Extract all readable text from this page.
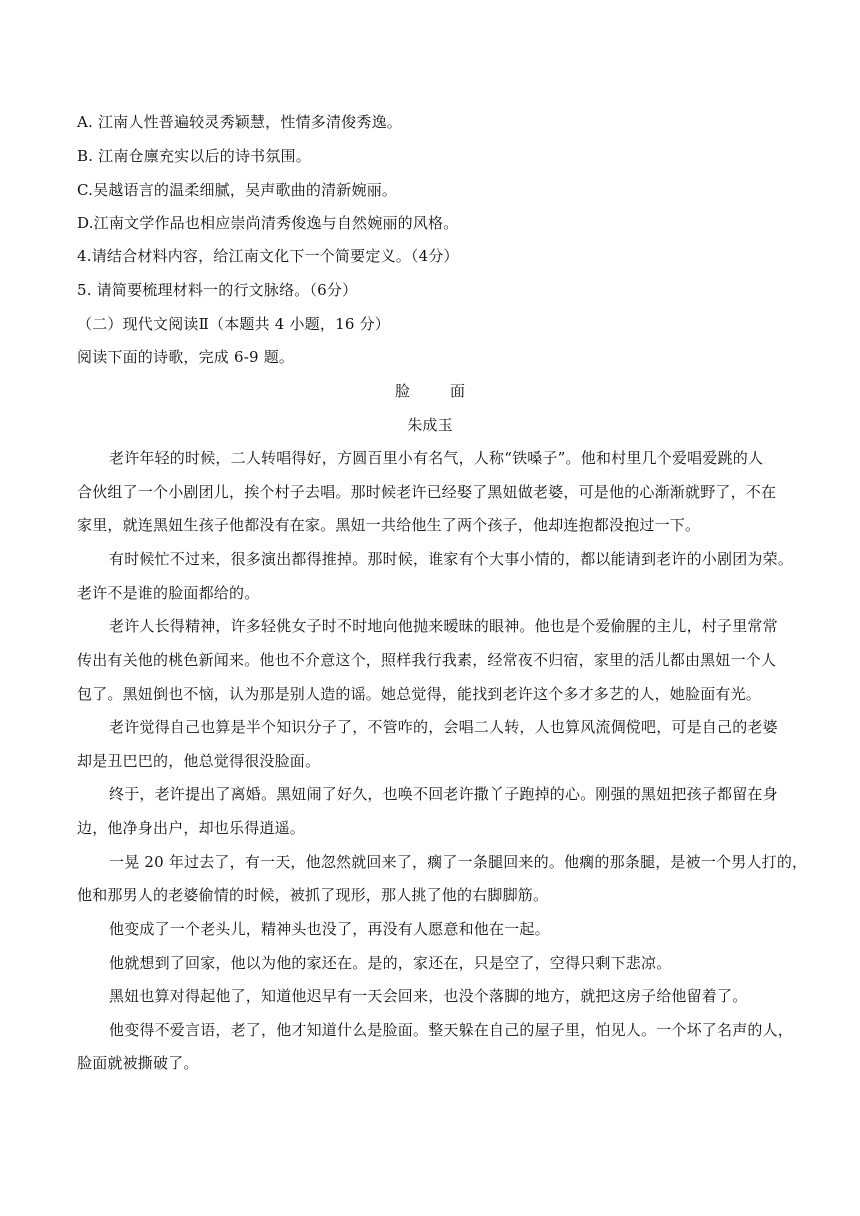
A. 江南人性普遍较灵秀颖慧，性情多清俊秀逸。
B. 江南仓廪充实以后的诗书氛围。
C.吴越语言的温柔细腻，吴声歌曲的清新婉丽。
D.江南文学作品也相应崇尚清秀俊逸与自然婉丽的风格。
4.请结合材料内容，给江南文化下一个简要定义。（4分）
5. 请简要梳理材料一的行文脉络。（6分）
（二）现代文阅读Ⅱ（本题共 4 小题，16 分）
阅读下面的诗歌，完成 6-9 题。
脸	面
朱成玉
老许年轻的时候，二人转唱得好，方圆百里小有名气，人称“铁嗓子”。他和村里几个爱唱爱跳的人
合伙组了一个小剧团儿，挨个村子去唱。那时候老许已经娶了黑妞做老婆，可是他的心渐渐就野了，不在
家里，就连黑妞生孩子他都没有在家。黑妞一共给他生了两个孩子，他却连抱都没抱过一下。
有时候忙不过来，很多演出都得推掉。那时候，谁家有个大事小情的，都以能请到老许的小剧团为荣。
老许不是谁的脸面都给的。
老许人长得精神，许多轻佻女子时不时地向他抛来暧昧的眼神。他也是个爱偷腥的主儿，村子里常常
传出有关他的桃色新闻来。他也不介意这个，照样我行我素，经常夜不归宿，家里的活儿都由黑妞一个人
包了。黑妞倒也不恼，认为那是别人造的谣。她总觉得，能找到老许这个多才多艺的人，她脸面有光。
老许觉得自己也算是半个知识分子了，不管咋的，会唱二人转，人也算风流倜傥吧，可是自己的老婆
却是丑巴巴的，他总觉得很没脸面。
终于，老许提出了离婚。黑妞闹了好久，也唤不回老许撒丫子跑掉的心。刚强的黑妞把孩子都留在身
边，他净身出户，却也乐得逍遥。
一晃 20 年过去了，有一天，他忽然就回来了，瘸了一条腿回来的。他瘸的那条腿，是被一个男人打的，
他和那男人的老婆偷情的时候，被抓了现形，那人挑了他的右脚脚筋。
他变成了一个老头儿，精神头也没了，再没有人愿意和他在一起。
他就想到了回家，他以为他的家还在。是的，家还在，只是空了，空得只剩下悲凉。
黑妞也算对得起他了，知道他迟早有一天会回来，也没个落脚的地方，就把这房子给他留着了。
他变得不爱言语，老了，他才知道什么是脸面。整天躲在自己的屋子里，怕见人。一个坏了名声的人，
脸面就被撕破了。
